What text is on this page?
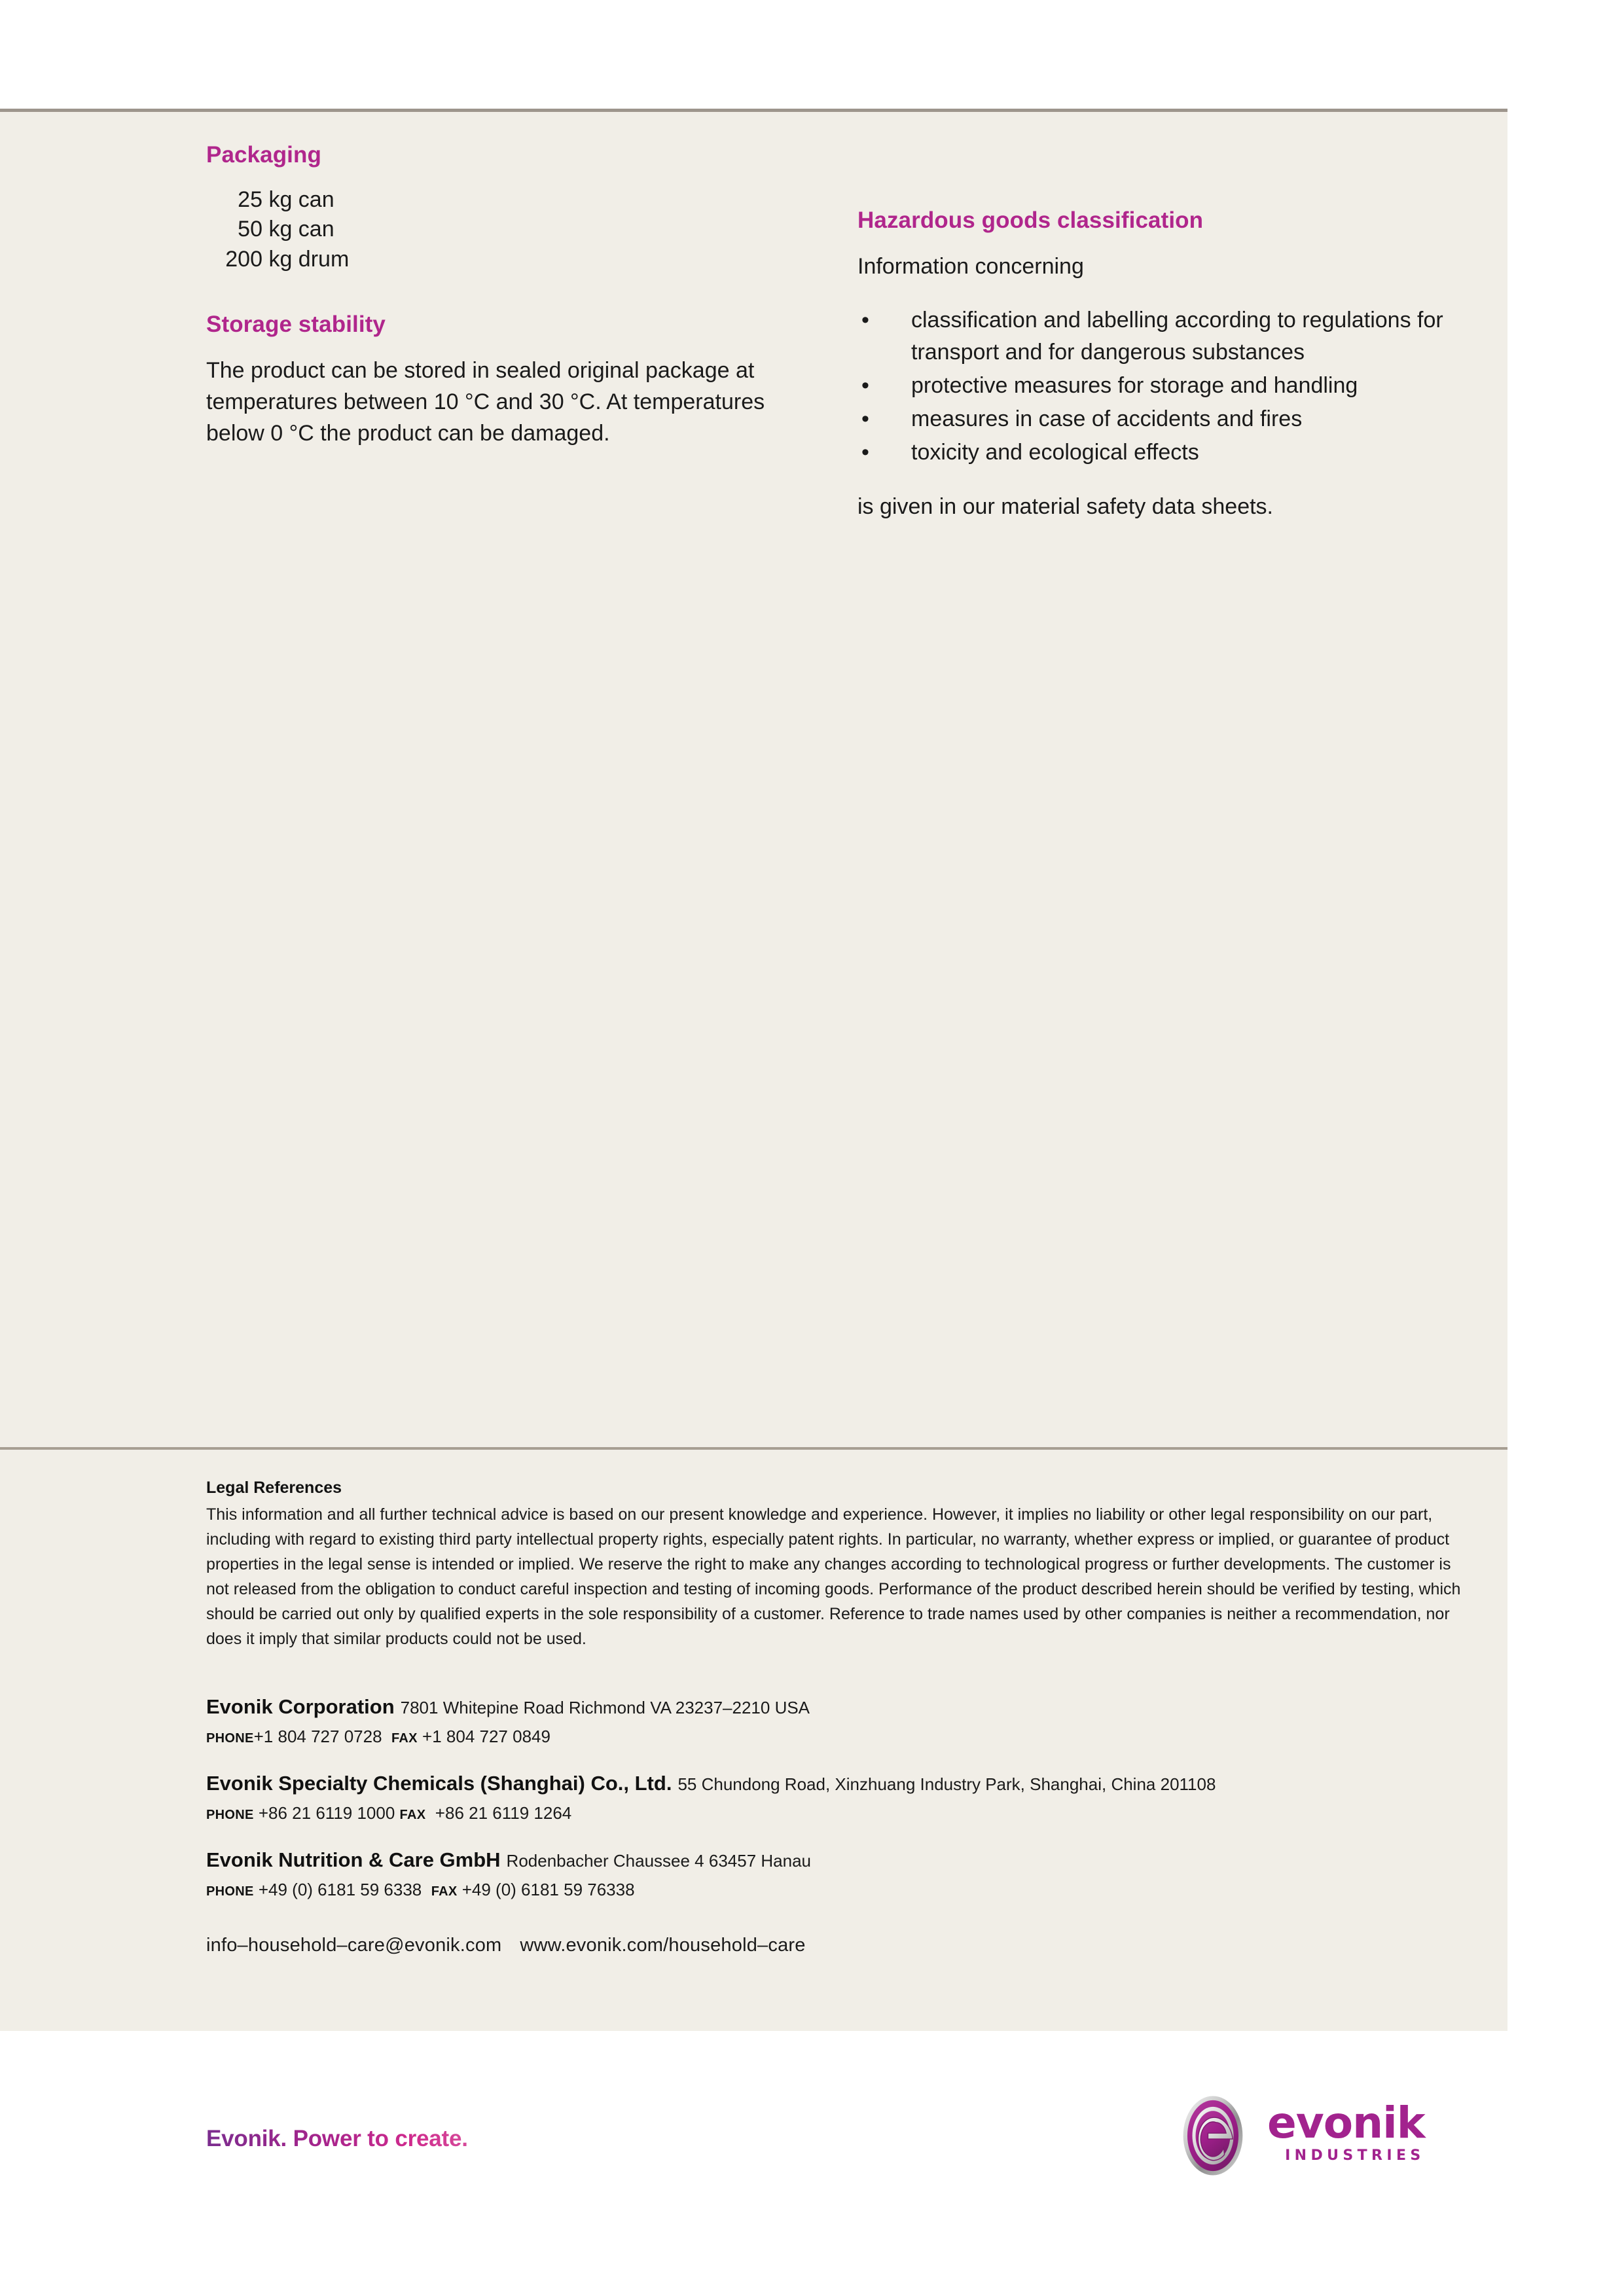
Packaging
25 kg can
50 kg can
200 kg drum
Storage stability

The product can be stored in sealed original package at temperatures between 10 °C and 30 °C. At temperatures below 0 °C the product can be damaged.

Hazardous goods classification

Information concerning

• classification and labelling according to regulations for transport and for dangerous substances
• protective measures for storage and handling
• measures in case of accidents and fires
• toxicity and ecological effects

is given in our material safety data sheets.

Legal References

This information and all further technical advice is based on our present knowledge and experience. However, it implies no liability or other legal responsibility on our part, including with regard to existing third party intellectual property rights, especially patent rights. In particular, no warranty, whether express or implied, or guarantee of product properties in the legal sense is intended or implied. We reserve the right to make any changes according to technological progress or further developments. The customer is not released from the obligation to conduct careful inspection and testing of incoming goods. Performance of the product described herein should be verified by testing, which should be carried out only by qualified experts in the sole responsibility of a customer. Reference to trade names used by other companies is neither a recommendation, nor does it imply that similar products could not be used.

Evonik Corporation 7801 Whitepine Road Richmond VA 23237–2210 USA
PHONE+1 804 727 0728 FAX +1 804 727 0849
Evonik Specialty Chemicals (Shanghai) Co., Ltd. 55 Chundong Road, Xinzhuang Industry Park, Shanghai, China 201108
PHONE +86 21 6119 1000 FAX +86 21 6119 1264
Evonik Nutrition & Care GmbH Rodenbacher Chaussee 4 63457 Hanau
PHONE +49 (0) 6181 59 6338 FAX +49 (0) 6181 59 76338
info–household–care@evonik.com www.evonik.com/household–care
Evonik. Power to create.	evonik
INDUSTRIES
